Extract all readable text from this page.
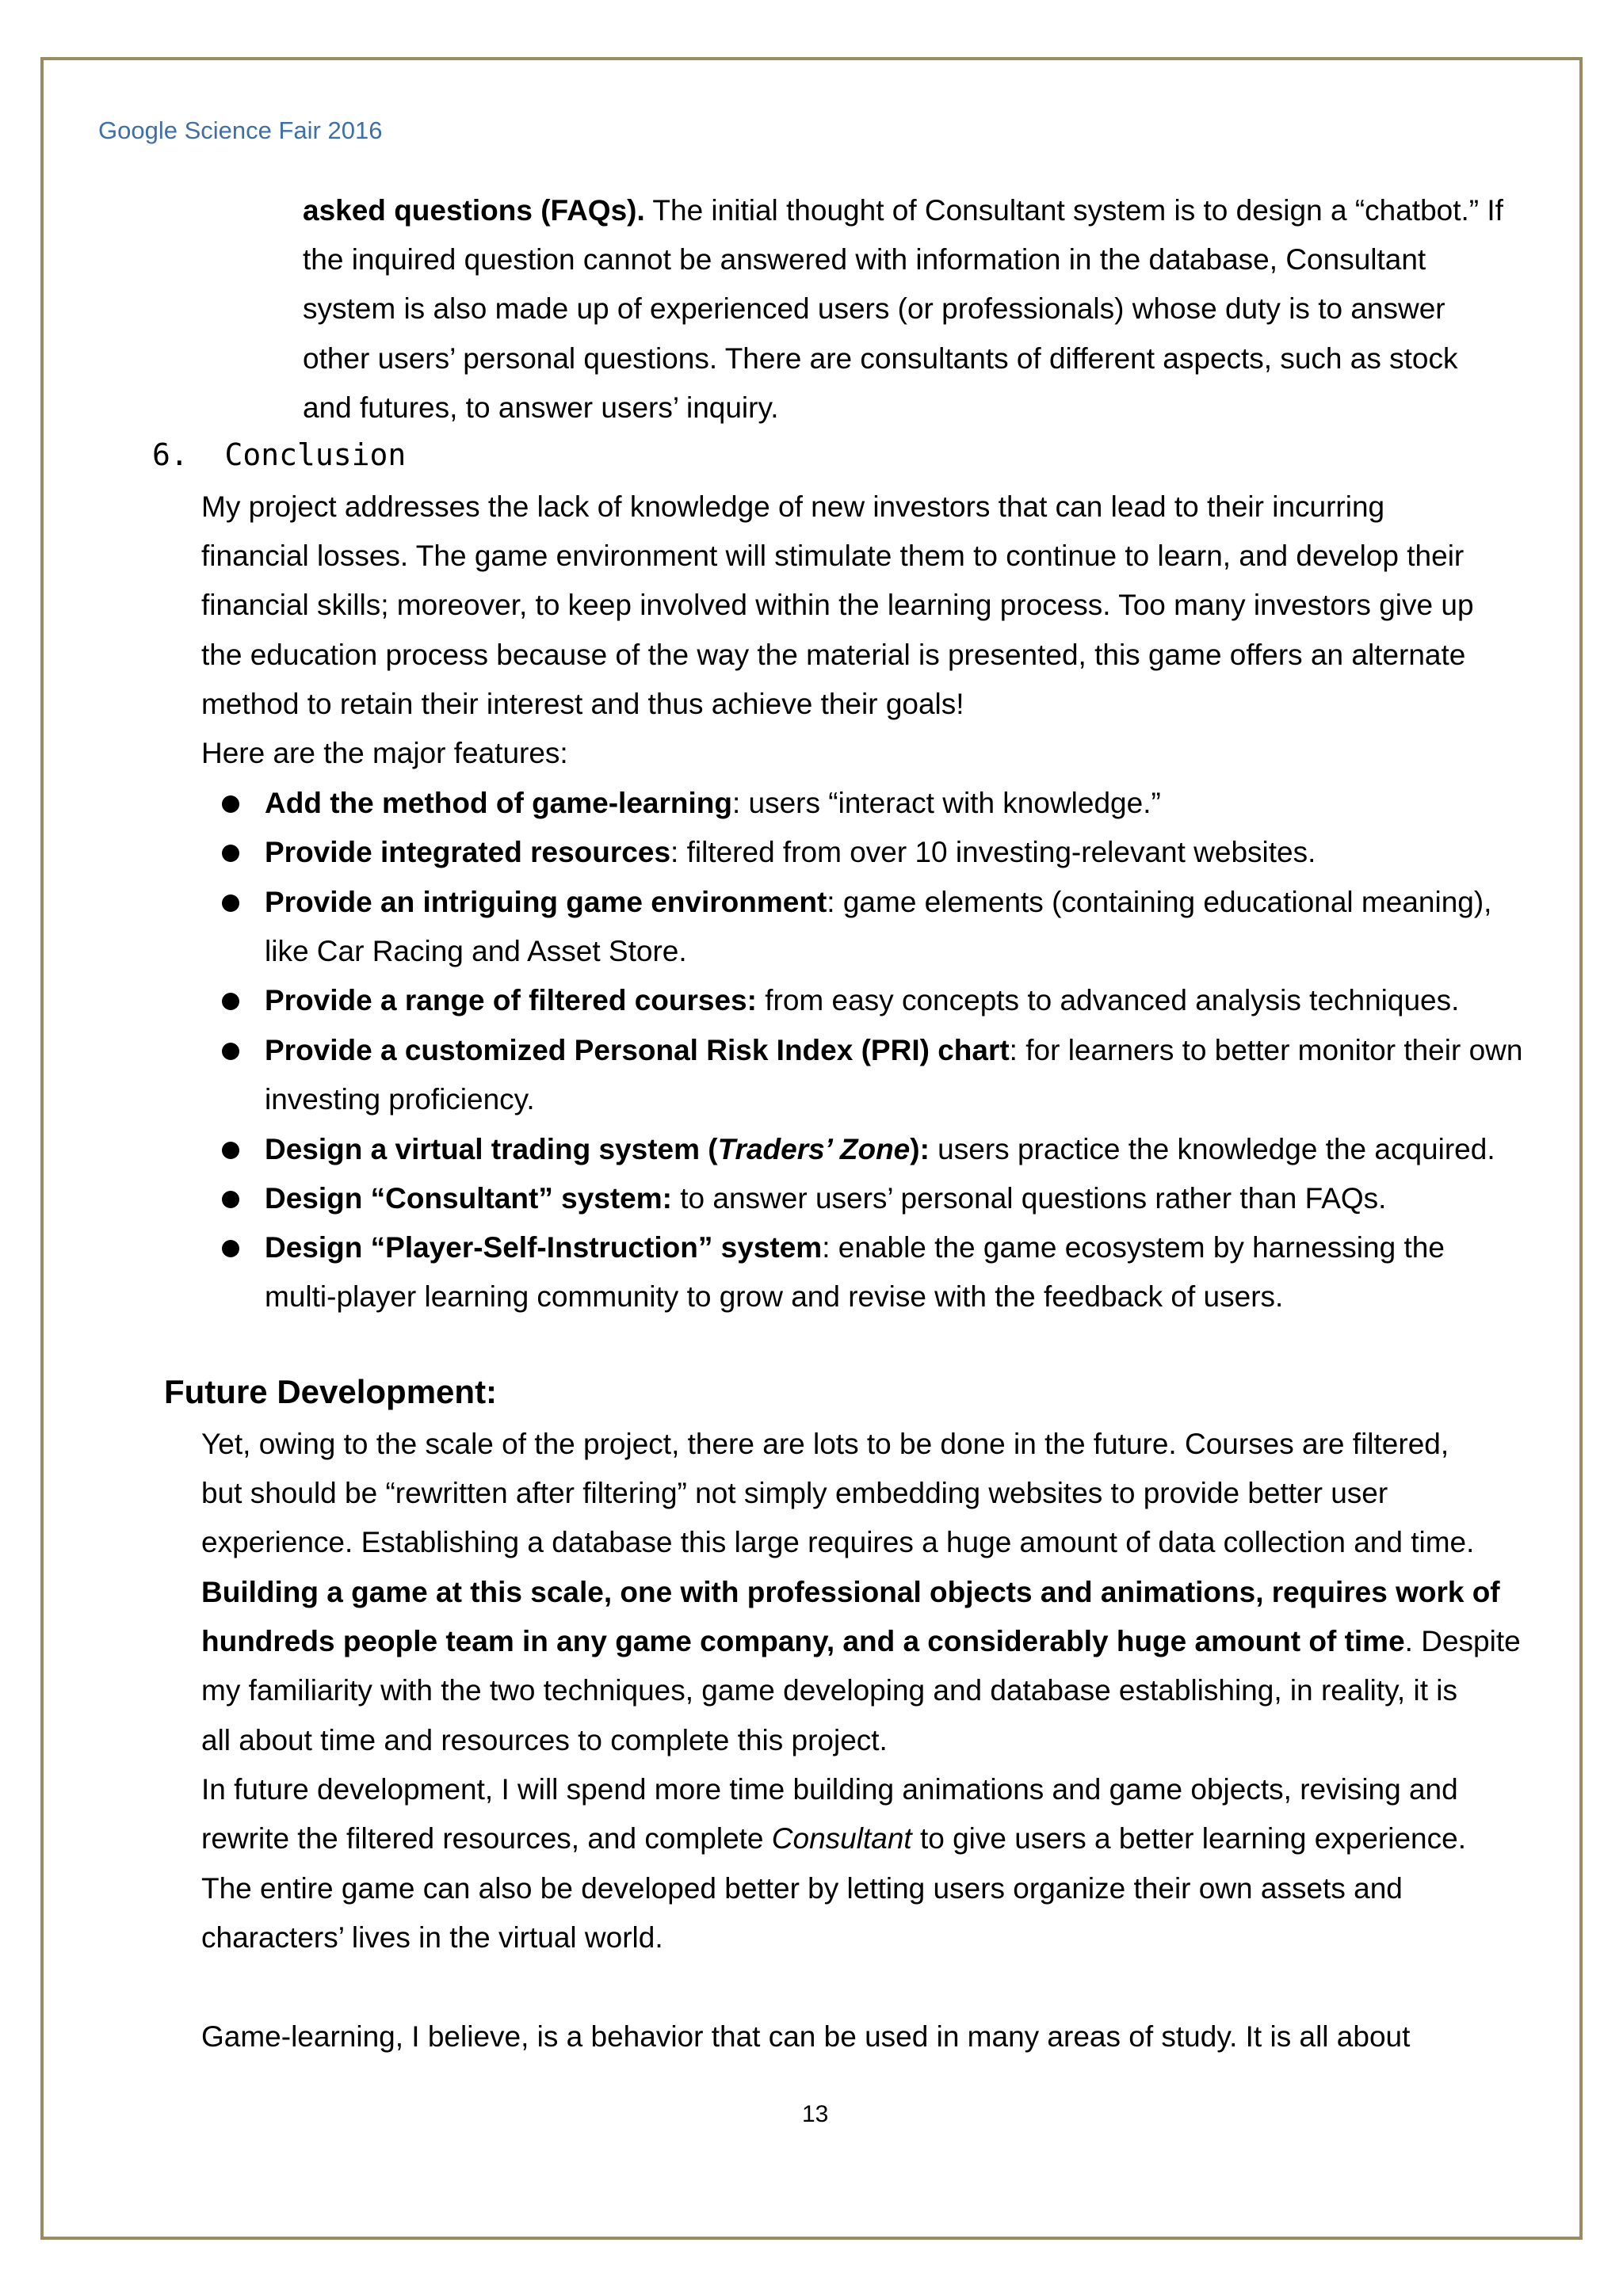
Google Science Fair 2016
asked questions (FAQs). The initial thought of Consultant system is to design a “chatbot.” If
the inquired question cannot be answered with information in the database, Consultant
system is also made up of experienced users (or professionals) whose duty is to answer
other users’ personal questions. There are consultants of different aspects, such as stock
and futures, to answer users’ inquiry.
6. Conclusion
My project addresses the lack of knowledge of new investors that can lead to their incurring
financial losses. The game environment will stimulate them to continue to learn, and develop their
financial skills; moreover, to keep involved within the learning process. Too many investors give up
the education process because of the way the material is presented, this game offers an alternate
method to retain their interest and thus achieve their goals!
Here are the major features:
Add the method of game-learning: users “interact with knowledge.”
Provide integrated resources: filtered from over 10 investing-relevant websites.
Provide an intriguing game environment: game elements (containing educational meaning),
like Car Racing and Asset Store.
Provide a range of filtered courses: from easy concepts to advanced analysis techniques.
Provide a customized Personal Risk Index (PRI) chart: for learners to better monitor their own
investing proficiency.
Design a virtual trading system (Traders’ Zone): users practice the knowledge the acquired.
Design “Consultant” system: to answer users’ personal questions rather than FAQs.
Design “Player-Self-Instruction” system: enable the game ecosystem by harnessing the
multi-player learning community to grow and revise with the feedback of users.
Future Development:
Yet, owing to the scale of the project, there are lots to be done in the future. Courses are filtered,
but should be “rewritten after filtering” not simply embedding websites to provide better user
experience. Establishing a database this large requires a huge amount of data collection and time.
Building a game at this scale, one with professional objects and animations, requires work of
hundreds people team in any game company, and a considerably huge amount of time. Despite
my familiarity with the two techniques, game developing and database establishing, in reality, it is
all about time and resources to complete this project.
In future development, I will spend more time building animations and game objects, revising and
rewrite the filtered resources, and complete Consultant to give users a better learning experience.
The entire game can also be developed better by letting users organize their own assets and
characters’ lives in the virtual world.
Game-learning, I believe, is a behavior that can be used in many areas of study. It is all about
13
